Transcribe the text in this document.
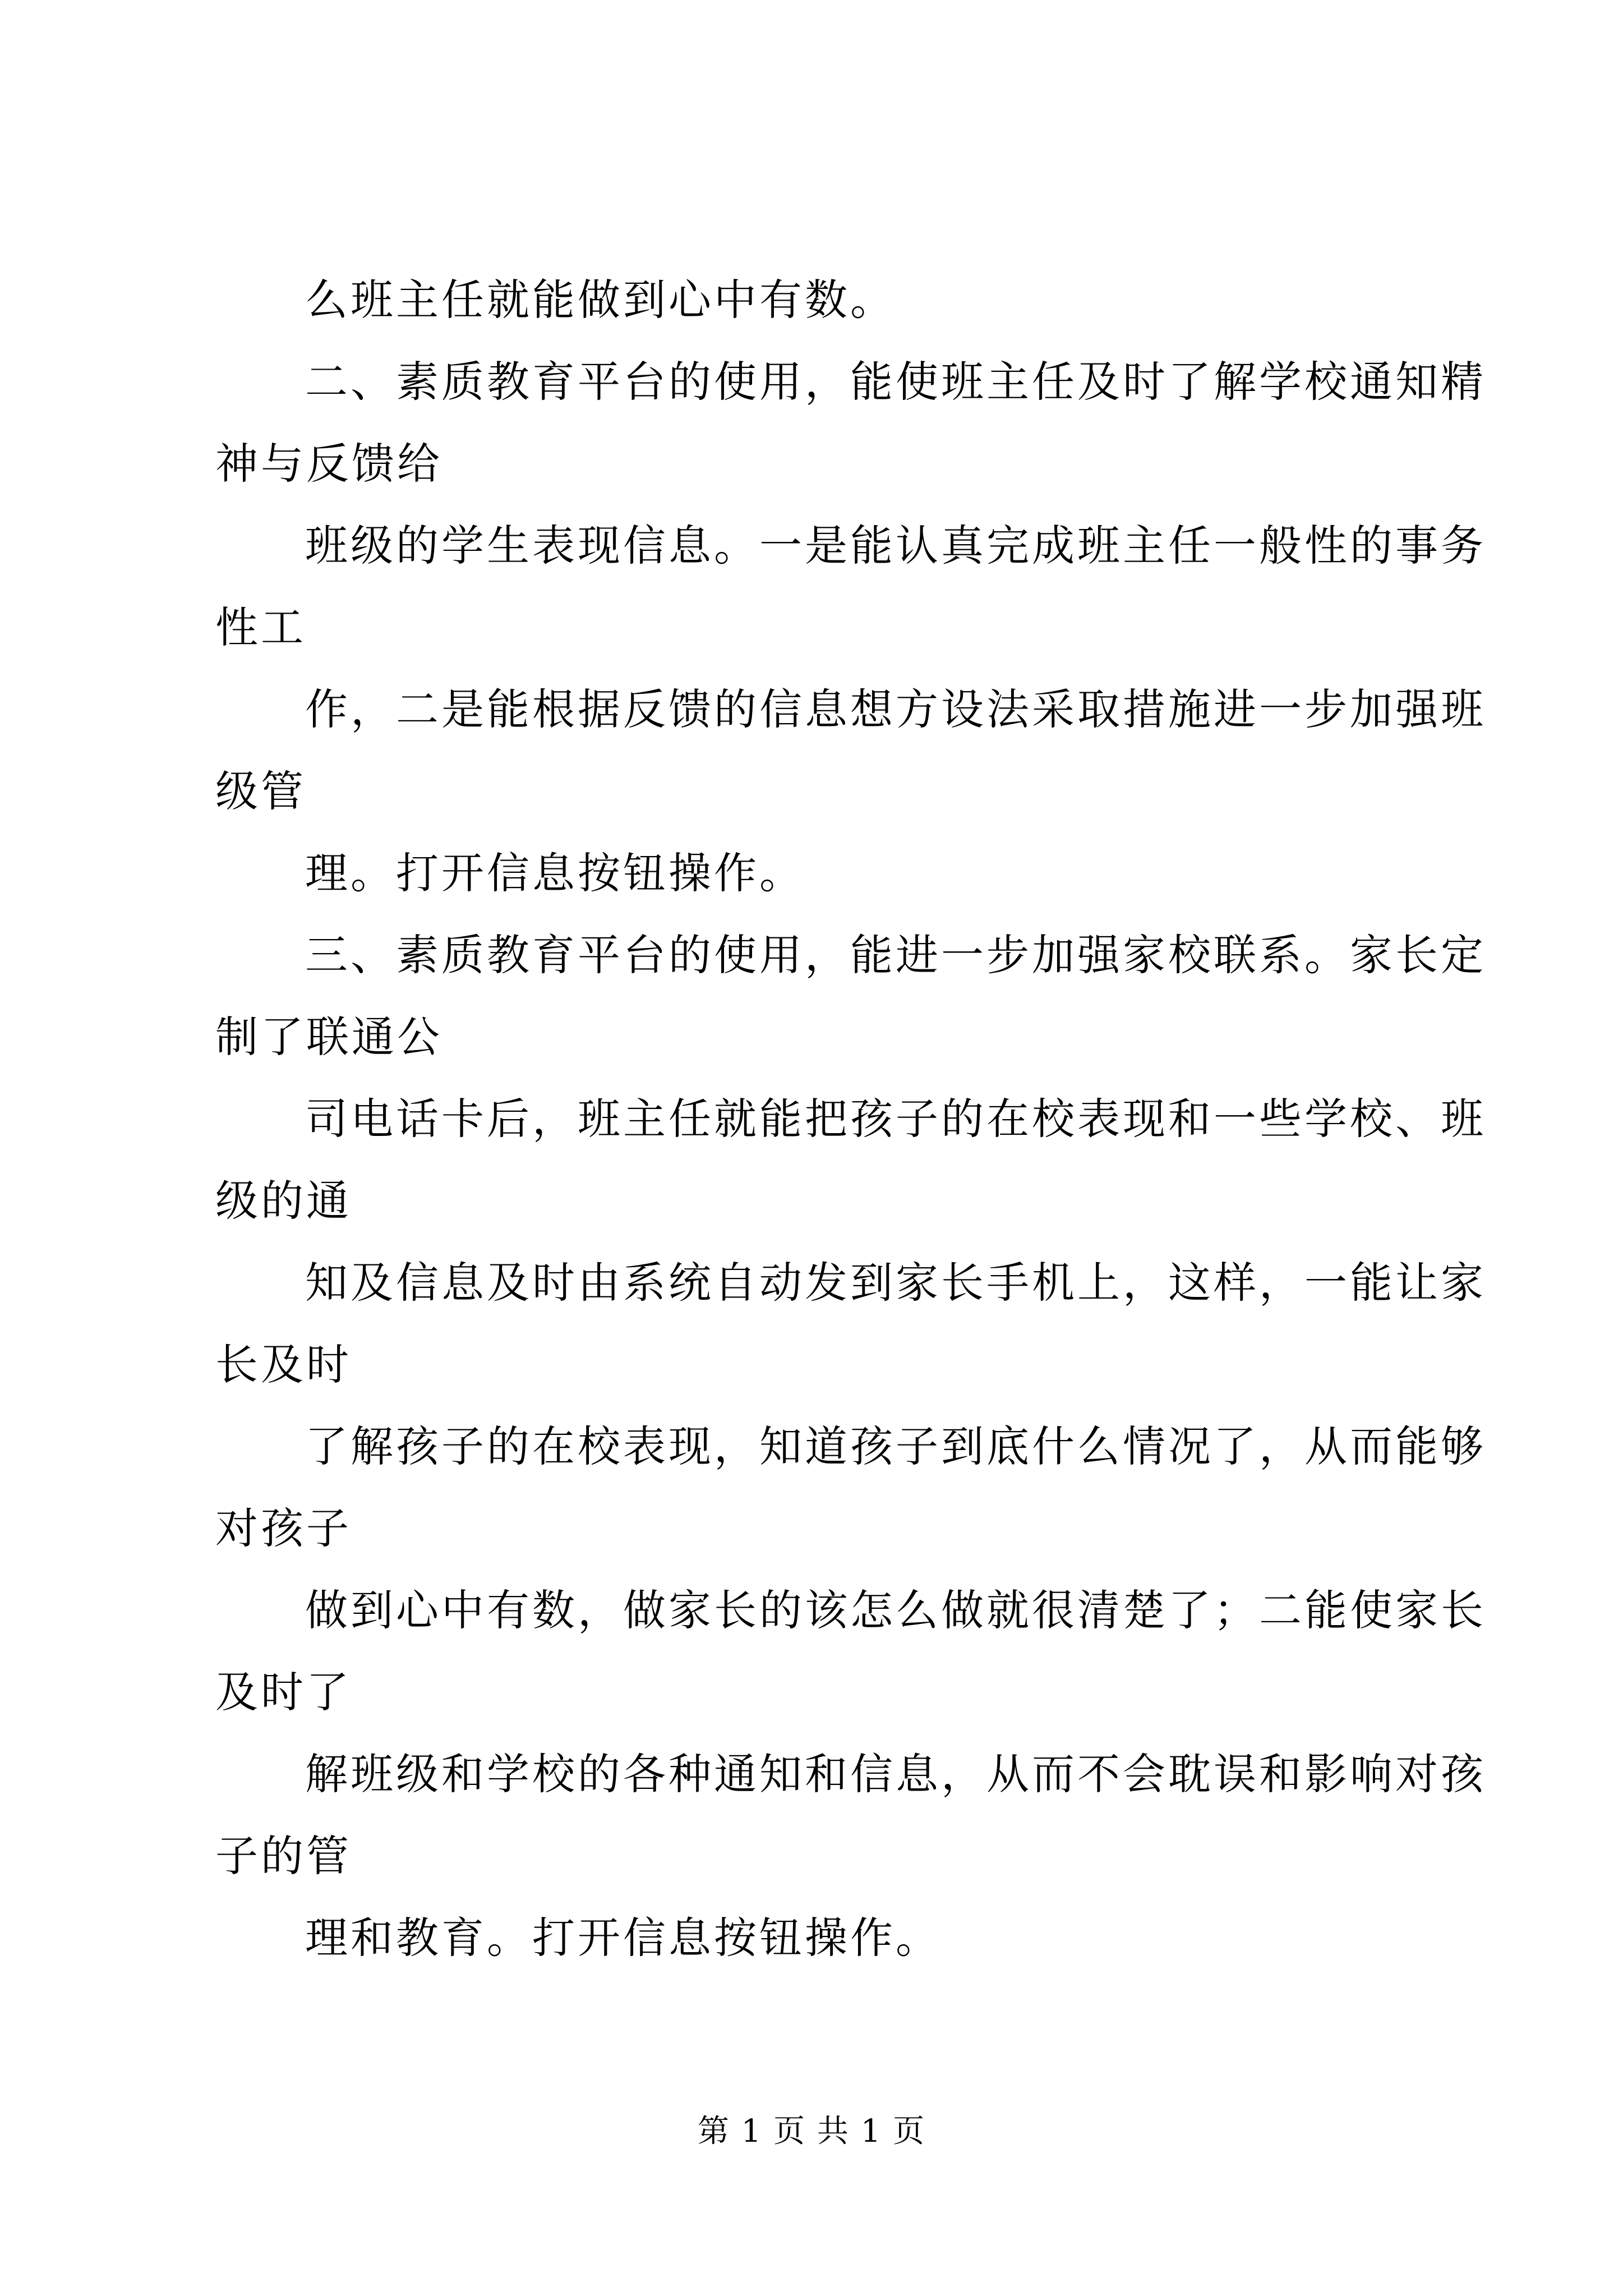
么班主任就能做到心中有数。

二、素质教育平台的使用，能使班主任及时了解学校通知精

神与反馈给

班级的学生表现信息。一是能认真完成班主任一般性的事务

性工

作，二是能根据反馈的信息想方设法采取措施进一步加强班

级管

理。打开信息按钮操作。

三、素质教育平台的使用，能进一步加强家校联系。家长定

制了联通公

司电话卡后，班主任就能把孩子的在校表现和一些学校、班

级的通

知及信息及时由系统自动发到家长手机上，这样，一能让家

长及时

了解孩子的在校表现，知道孩子到底什么情况了，从而能够

对孩子

做到心中有数，做家长的该怎么做就很清楚了；二能使家长

及时了

解班级和学校的各种通知和信息，从而不会耽误和影响对孩

子的管

理和教育。打开信息按钮操作。

第 1 页 共 1 页
